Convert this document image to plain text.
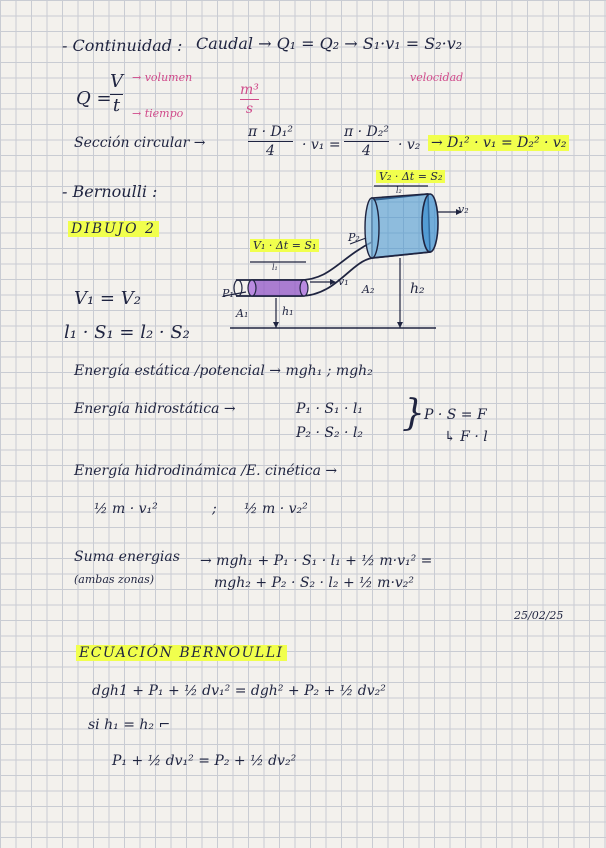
- Continuidad : Caudal → Q₁ = Q₂ → S₁·v₁ = S₂·v₂
velocidad
Q =
V
t
→ volumen
→ tiempo
m³
s
Sección circular →
π · D₁²
4 · v₁ =
π · D₂²
4 · v₂ → D₁² · v₁ = D₂² · v₂
- Bernoulli :
DIBUJO 2
V₂ · Δt = S₂
V₁ · Δt = S₁
l₂
l₁
v₂
v₁
P₁
P₂
A₁
A₂
h₁
h₂
V₁ = V₂
l₁ · S₁ = l₂ · S₂
Energía estática /potencial → mgh₁ ; mgh₂
Energía hidrostática →	P₁ · S₁ · l₁
P₂ · S₂ · l₂ } P · S = F
↳ F · l
Energía hidrodinámica /E. cinética →
½ m · v₁²	; ½ m · v₂²
Suma energias
(ambas zonas)
→ mgh₁ + P₁ · S₁ · l₁ + ½ m·v₁² =
mgh₂ + P₂ · S₂ · l₂ + ½ m·v₂²
25/02/25
ECUACIÓN BERNOULLI
dgh1 + P₁ + ½ dv₁² = dgh² + P₂ + ½ dv₂²
si h₁ = h₂ ⌐
P₁ + ½ dv₁² = P₂ + ½ dv₂²
